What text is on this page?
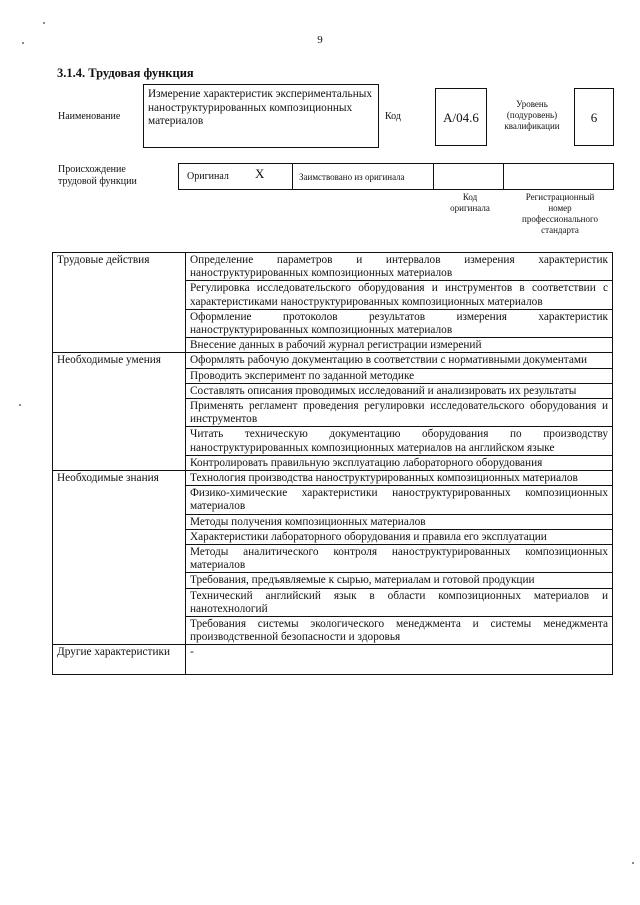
9
3.1.4. Трудовая функция
Наименование
Измерение характеристик экспериментальных наноструктурированных композиционных материалов	Код	А/04.6
Уровень
(подуровень)
квалификации
6
Происхождение
трудовой функции	Оригинал X	Заимствовано из оригинала
Код
оригинала
Регистрационный
номер
профессионального
стандарта
Трудовые действия	Определение параметров и интервалов измерения характеристик наноструктурированных композиционных материалов
	Регулировка исследовательского оборудования и инструментов в соответствии с характеристиками наноструктурированных композиционных материалов
	Оформление протоколов результатов измерения характеристик наноструктурированных композиционных материалов
	Внесение данных в рабочий журнал регистрации измерений
Необходимые умения	Оформлять рабочую документацию в соответствии с нормативными документами
	Проводить эксперимент по заданной методике
	Составлять описания проводимых исследований и анализировать их результаты
	Применять регламент проведения регулировки исследовательского оборудования и инструментов
	Читать техническую документацию оборудования по производству наноструктурированных композиционных материалов на английском языке
	Контролировать правильную эксплуатацию лабораторного оборудования
Необходимые знания	Технология производства наноструктурированных композиционных материалов
	Физико-химические характеристики наноструктурированных композиционных материалов
	Методы получения композиционных материалов
	Характеристики лабораторного оборудования и правила его эксплуатации
	Методы аналитического контроля наноструктурированных композиционных материалов
	Требования, предъявляемые к сырью, материалам и готовой продукции
	Технический английский язык в области композиционных материалов и нанотехнологий
	Требования системы экологического менеджмента и системы менеджмента производственной безопасности и здоровья
Другие характеристики	-
